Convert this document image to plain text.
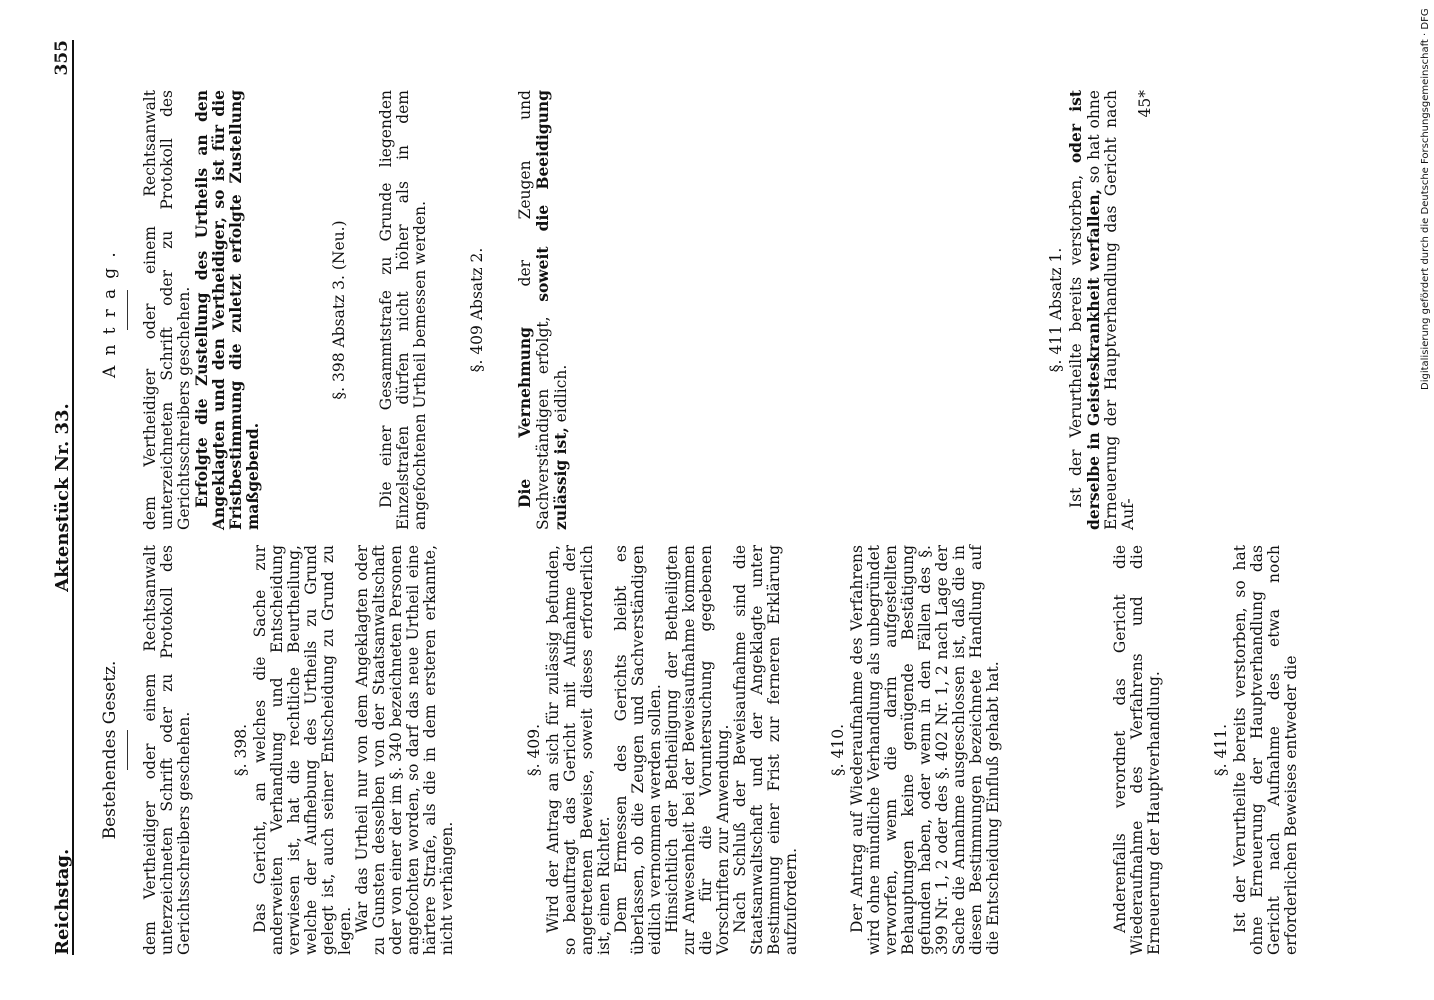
Reichstag.
Aktenstück Nr. 33.
355

Bestehendes Gesetz. dem Vertheidiger oder einem Rechtsanwalt unterzeichneten Schrift oder zu Protokoll des Gerichtsschreibers geschehen.	§. 398. Das Gericht, an welches die Sache zur anderweiten Verhandlung und Entscheidung verwiesen ist, hat die rechtliche Beurtheilung, welche der Aufhebung des Urtheils zu Grund gelegt ist, auch seiner Entscheidung zu Grund zu legen. War das Urtheil nur von dem Angeklagten oder zu Gunsten desselben von der Staatsanwaltschaft oder von einer der im §. 340 bezeichneten Personen angefochten worden, so darf das neue Urtheil eine härtere Strafe, als die in dem ersteren erkannte, nicht verhängen.

§. 409. Wird der Antrag an sich für zulässig befunden, so beauftragt das Gericht mit Aufnahme der angetretenen Beweise, soweit dieses erforderlich ist, einen Richter. Dem Ermessen des Gerichts bleibt es überlassen, ob die Zeugen und Sachverständigen eidlich vernommen werden sollen. Hinsichtlich der Betheiligung der Betheiligten zur Anwesenheit bei der Beweisaufnahme kommen die für die Voruntersuchung gegebenen Vorschriften zur Anwendung. Nach Schluß der Beweisaufnahme sind die Staatsanwaltschaft und der Angeklagte unter Bestimmung einer Frist zur ferneren Erklärung aufzufordern.

§. 410. Der Antrag auf Wiederaufnahme des Verfahrens wird ohne mündliche Verhandlung als unbegründet verworfen, wenn die darin aufgestellten Behauptungen keine genügende Bestätigung gefunden haben, oder wenn in den Fällen des §. 399 Nr. 1, 2 oder des §. 402 Nr. 1, 2 nach Lage der Sache die Annahme ausgeschlossen ist, daß die in diesen Bestimmungen bezeichnete Handlung auf die Entscheidung Einfluß gehabt hat.	Anderenfalls verordnet das Gericht die Wiederaufnahme des Verfahrens und die Erneuerung der Hauptverhandlung.	§. 411. Ist der Verurtheilte bereits verstorben, so hat ohne Erneuerung der Hauptverhandlung das Gericht nach Aufnahme des etwa noch erforderlichen Beweises entweder die

Antrag. dem Vertheidiger oder einem Rechtsanwalt unterzeichneten Schrift oder zu Protokoll des Gerichtsschreibers geschehen. Erfolgte die Zustellung des Urtheils an den Angeklagten und den Vertheidiger, so ist für die Fristbestimmung die zuletzt erfolgte Zustellung maßgebend.

§. 398 Absatz 3. (Neu.) Die einer Gesammtstrafe zu Grunde liegenden Einzelstrafen dürfen nicht höher als in dem angefochtenen Urtheil bemessen werden.	§. 409 Absatz 2.

Die Vernehmung der Zeugen und Sachverständigen erfolgt, soweit die Beeidigung zulässig ist, eidlich.

§. 411 Absatz 1. Ist der Verurtheilte bereits verstorben, oder ist derselbe in Geisteskrankheit verfallen, so hat ohne Erneuerung der Hauptverhandlung das Gericht nach Auf-

45*	Digitalisierung gefördert durch die Deutsche Forschungsgemeinschaft · DFG
